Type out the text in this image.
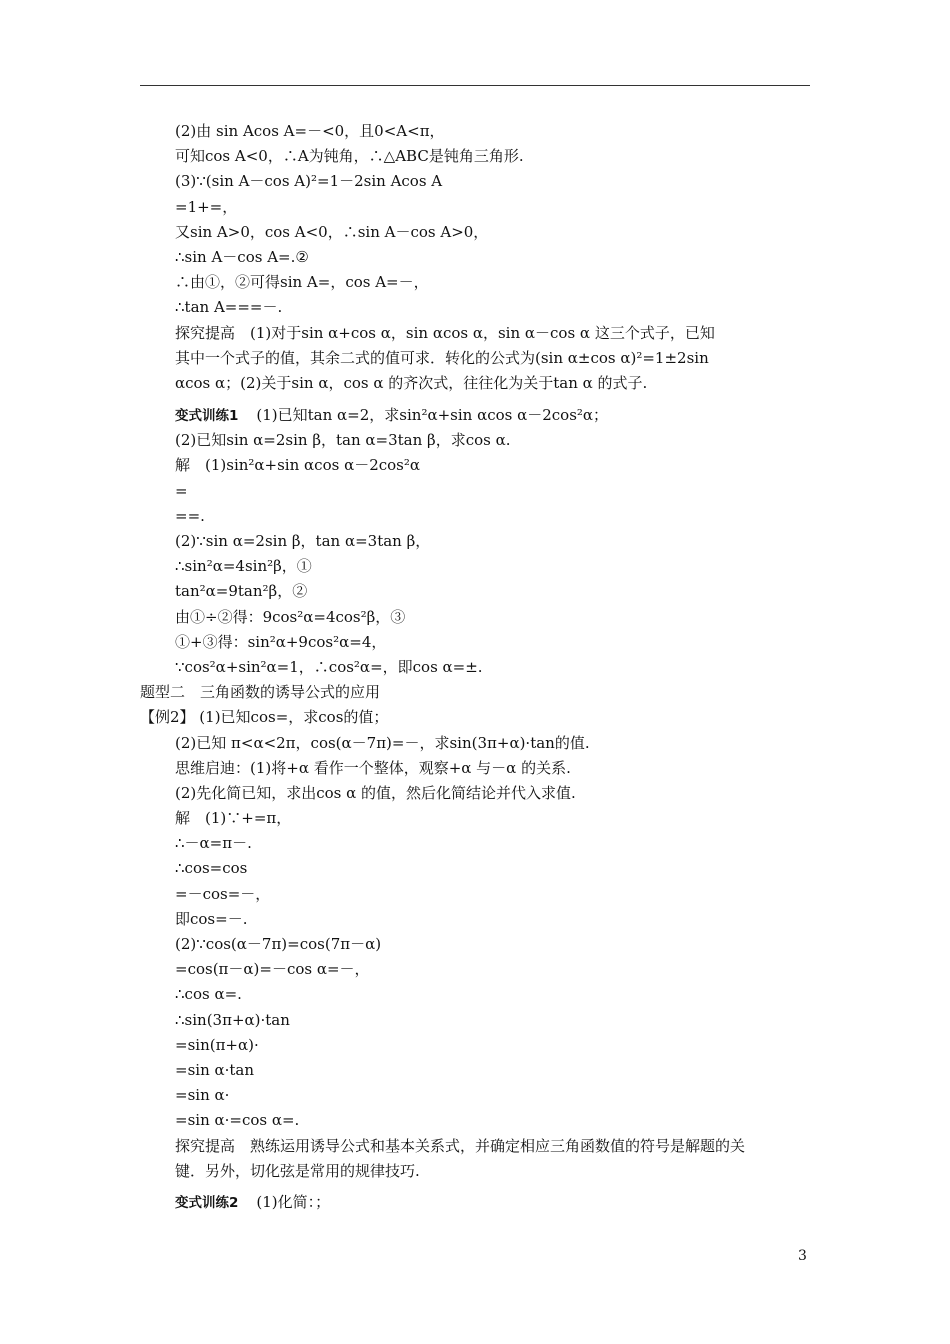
(2)由 sin Acos A=－<0，且0<A<π，
可知cos A<0，∴A为钝角，∴△ABC是钝角三角形.
(3)∵(sin A－cos A)²=1－2sin Acos A
=1+=，
又sin A>0，cos A<0，∴sin A－cos A>0，
∴sin A－cos A=.②
∴由①，②可得sin A=，cos A=－，
∴tan A===－.
探究提高　(1)对于sin α+cos α，sin αcos α，sin α－cos α 这三个式子，已知
其中一个式子的值，其余二式的值可求．转化的公式为(sin α±cos α)²=1±2sin
αcos α；(2)关于sin α，cos α 的齐次式，往往化为关于tan α 的式子.
变式训练1 (1)已知tan α=2，求sin²α+sin αcos α－2cos²α；
(2)已知sin α=2sin β，tan α=3tan β，求cos α.
解　(1)sin²α+sin αcos α－2cos²α
=
==.
(2)∵sin α=2sin β，tan α=3tan β，
∴sin²α=4sin²β，①
tan²α=9tan²β，②
由①÷②得：9cos²α=4cos²β，③
①+③得：sin²α+9cos²α=4，
∵cos²α+sin²α=1，∴cos²α=，即cos α=±.
题型二　三角函数的诱导公式的应用
【例2】 (1)已知cos=，求cos的值；
(2)已知 π<α<2π，cos(α－7π)=－，求sin(3π+α)·tan的值.
思维启迪：(1)将+α 看作一个整体，观察+α 与－α 的关系.
(2)先化简已知，求出cos α 的值，然后化简结论并代入求值.
解　(1)∵+=π，
∴－α=π－.
∴cos=cos
=－cos=－，
即cos=－.
(2)∵cos(α－7π)=cos(7π－α)
=cos(π－α)=－cos α=－，
∴cos α=.
∴sin(3π+α)·tan
=sin(π+α)·
=sin α·tan
=sin α·
=sin α·=cos α=.
探究提高　熟练运用诱导公式和基本关系式，并确定相应三角函数值的符号是解题的关
键．另外，切化弦是常用的规律技巧.
变式训练2 (1)化简：；
3
